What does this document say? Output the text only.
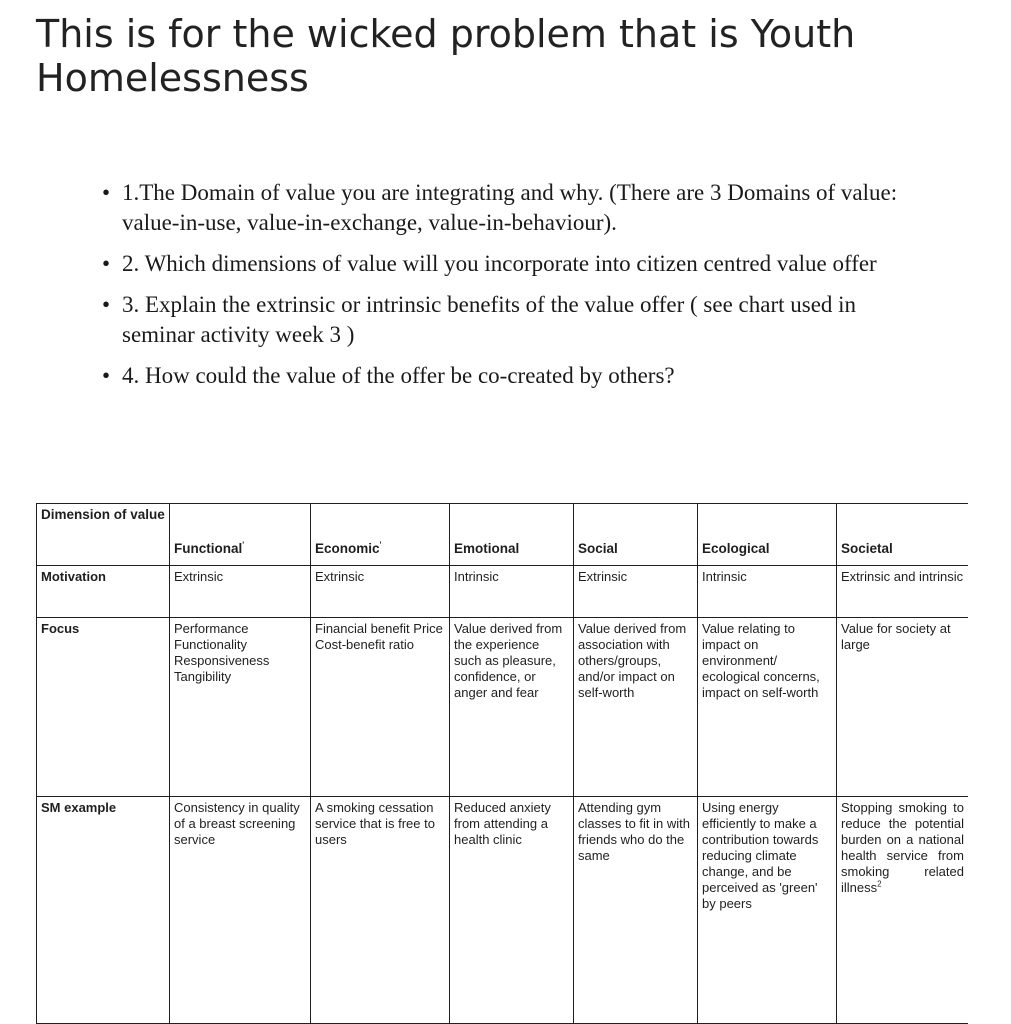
This is for the wicked problem that is Youth Homelessness
• 1.The Domain of value you are integrating and why. (There are 3 Domains of value: value-in-use, value-in-exchange, value-in-behaviour).
• 2. Which dimensions of value will you incorporate into citizen centred value offer
• 3. Explain the extrinsic or intrinsic benefits of the value offer ( see chart used in seminar activity week 3 )
• 4. How could the value of the offer be co-created by others?
Dimension of value	Functional'	Economic'	Emotional	Social	Ecological	Societal
Motivation	Extrinsic	Extrinsic	Intrinsic	Extrinsic	Intrinsic	Extrinsic and intrinsic
Focus	Performance Functionality Responsiveness Tangibility	Financial benefit Price Cost-benefit ratio	Value derived from the experience such as pleasure, confidence, or anger and fear	Value derived from association with others/groups, and/or impact on self-worth	Value relating to impact on environment/ ecological concerns, impact on self-worth	Value for society at large
SM example	Consistency in quality of a breast screening service	A smoking cessation service that is free to users	Reduced anxiety from attending a health clinic	Attending gym classes to fit in with friends who do the same	Using energy efficiently to make a contribution towards reducing climate change, and be perceived as 'green' by peers	Stopping smoking to reduce the potential burden on a national health service from smoking related illness$^2$
